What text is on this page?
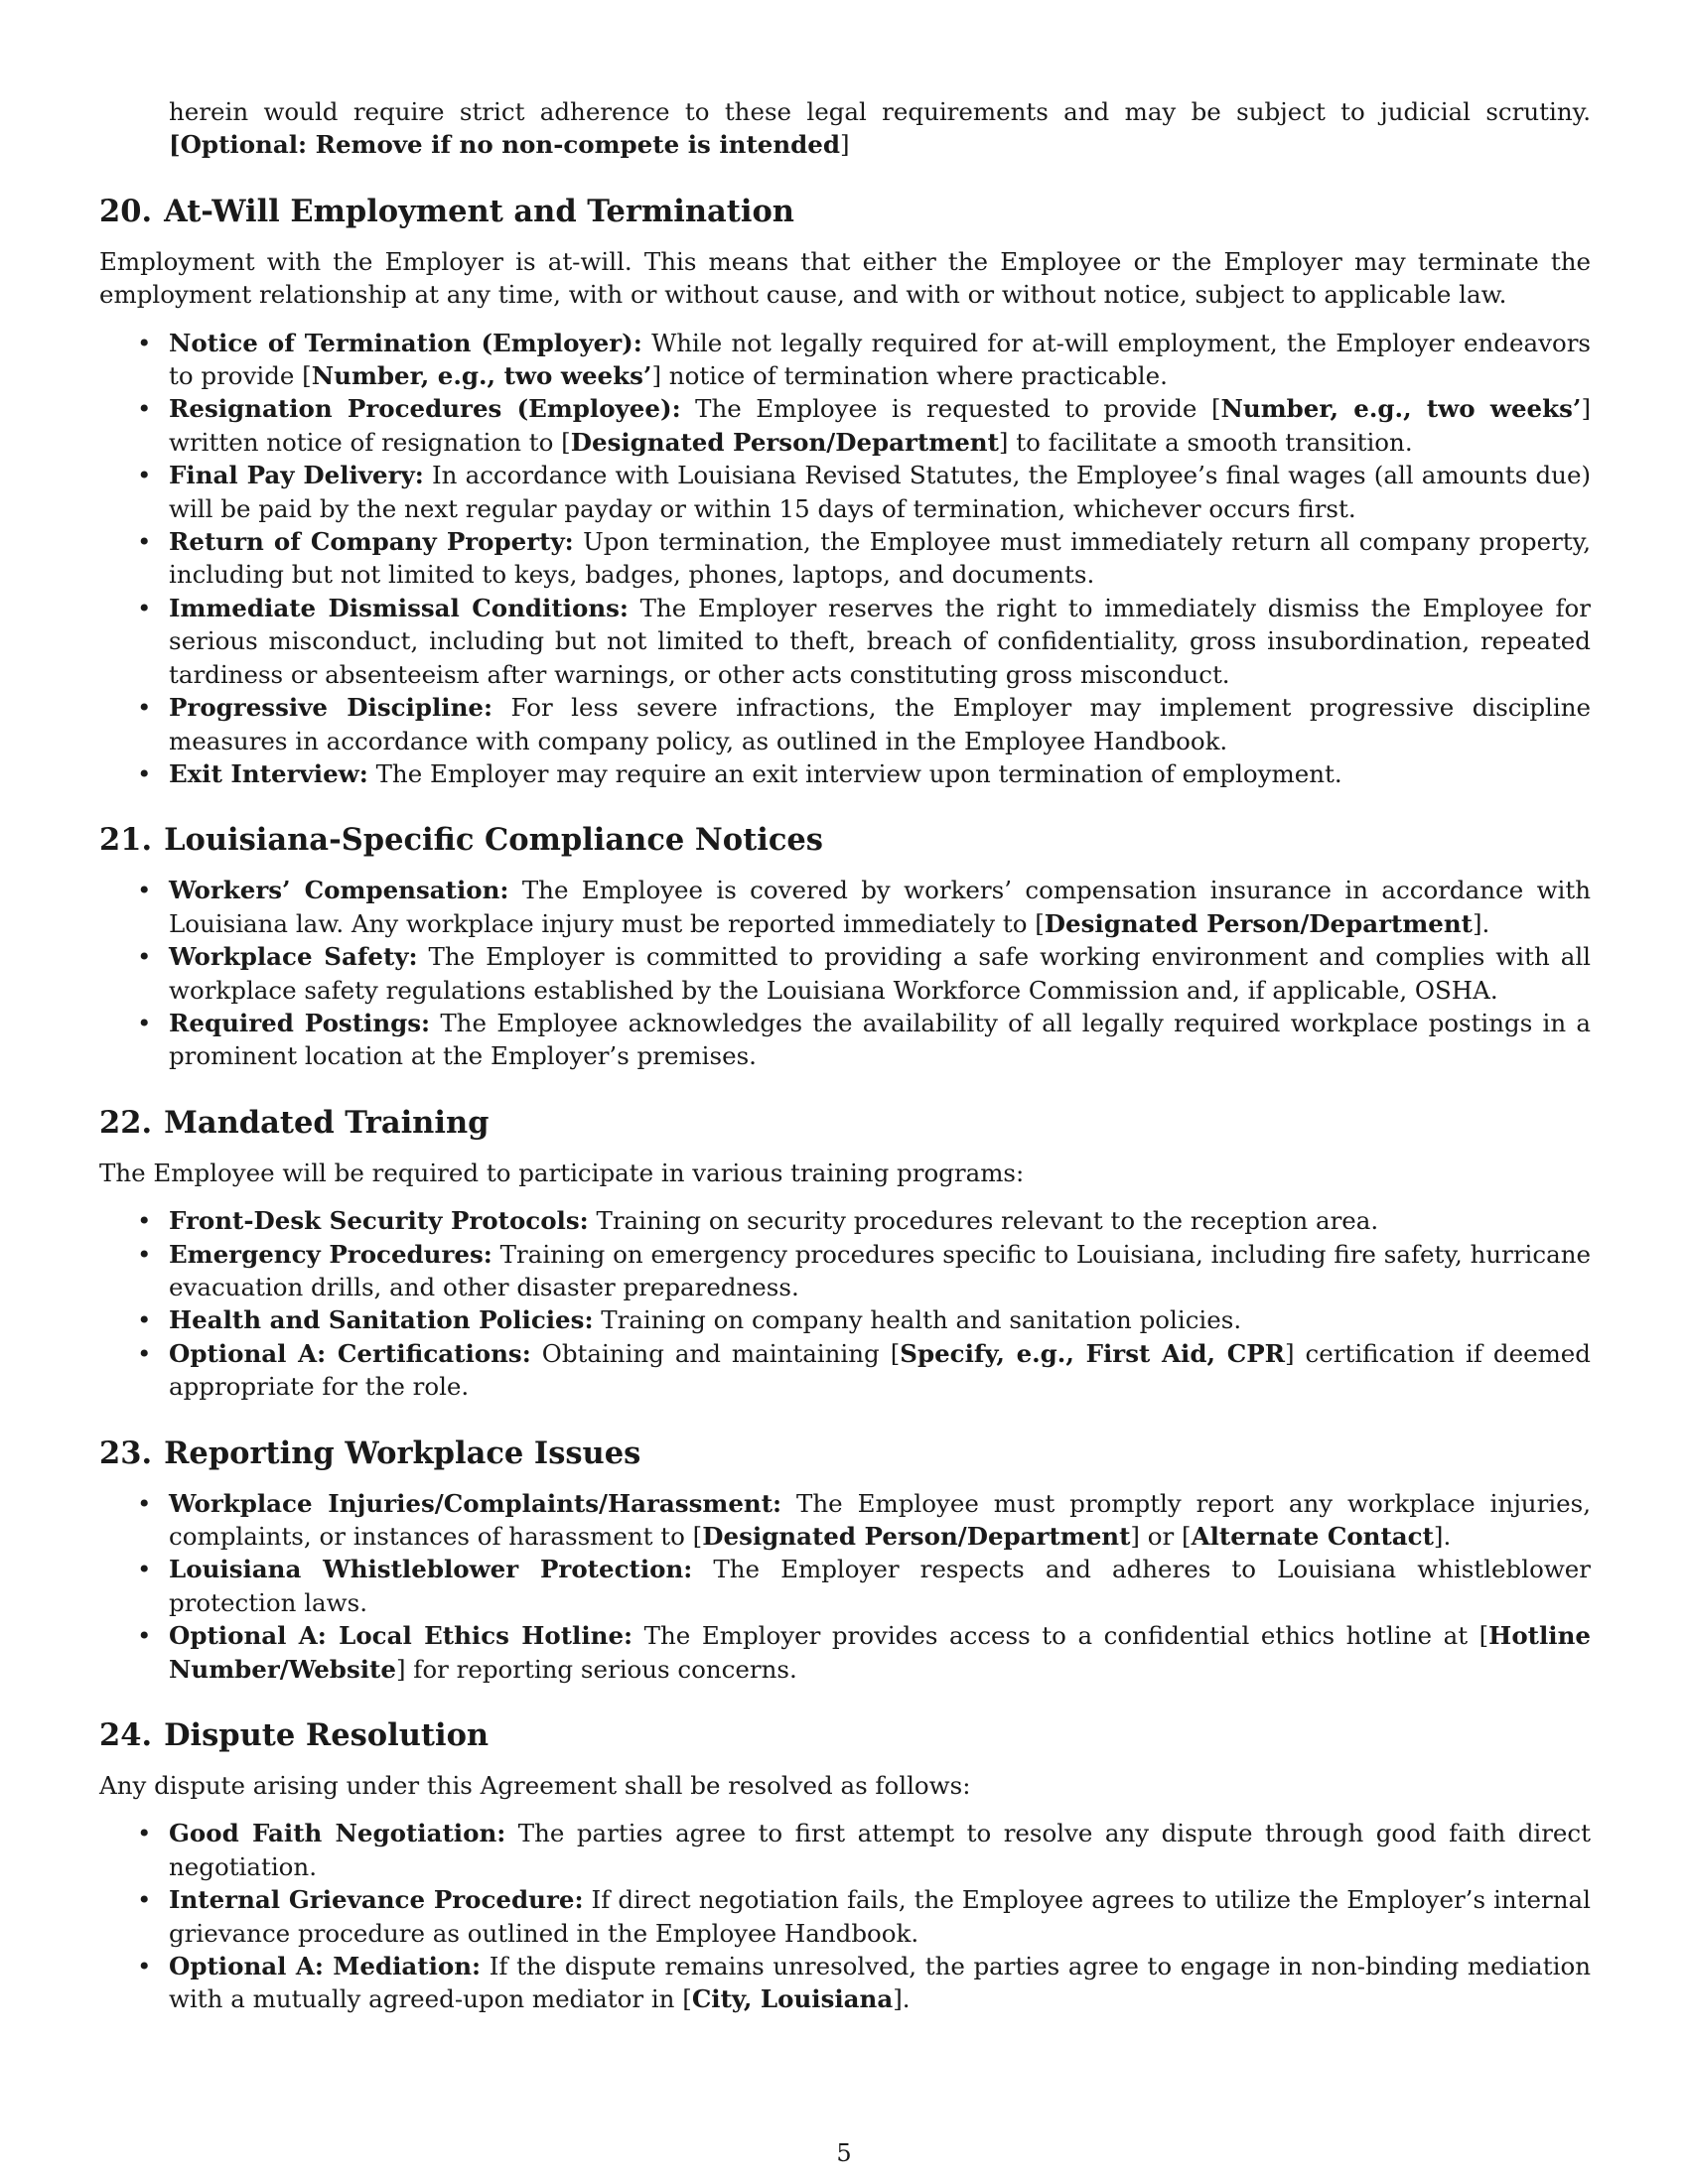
herein would require strict adherence to these legal requirements and may be subject to judicial scrutiny. [Optional: Remove if no non-compete is intended]

20. At-Will Employment and Termination

Employment with the Employer is at-will. This means that either the Employee or the Employer may terminate the employment relationship at any time, with or without cause, and with or without notice, subject to applicable law.

• Notice of Termination (Employer): While not legally required for at-will employment, the Employer endeavors to provide [Number, e.g., two weeks’] notice of termination where practicable.
• Resignation Procedures (Employee): The Employee is requested to provide [Number, e.g., two weeks’] written notice of resignation to [Designated Person/Department] to facilitate a smooth transition.
• Final Pay Delivery: In accordance with Louisiana Revised Statutes, the Employee’s final wages (all amounts due) will be paid by the next regular payday or within 15 days of termination, whichever occurs first.
• Return of Company Property: Upon termination, the Employee must immediately return all company property, including but not limited to keys, badges, phones, laptops, and documents.
• Immediate Dismissal Conditions: The Employer reserves the right to immediately dismiss the Employee for serious misconduct, including but not limited to theft, breach of confidentiality, gross insubordination, repeated tardiness or absenteeism after warnings, or other acts constituting gross misconduct.
• Progressive Discipline: For less severe infractions, the Employer may implement progressive discipline measures in accordance with company policy, as outlined in the Employee Handbook.
• Exit Interview: The Employer may require an exit interview upon termination of employment.
21. Louisiana-Specific Compliance Notices
• Workers’ Compensation: The Employee is covered by workers’ compensation insurance in accordance with Louisiana law. Any workplace injury must be reported immediately to [Designated Person/Department].
• Workplace Safety: The Employer is committed to providing a safe working environment and complies with all workplace safety regulations established by the Louisiana Workforce Commission and, if applicable, OSHA.
• Required Postings: The Employee acknowledges the availability of all legally required workplace postings in a prominent location at the Employer’s premises.
22. Mandated Training

The Employee will be required to participate in various training programs:

• Front-Desk Security Protocols: Training on security procedures relevant to the reception area.
• Emergency Procedures: Training on emergency procedures specific to Louisiana, including fire safety, hurricane evacuation drills, and other disaster preparedness.
• Health and Sanitation Policies: Training on company health and sanitation policies.
• Optional A: Certifications: Obtaining and maintaining [Specify, e.g., First Aid, CPR] certification if deemed appropriate for the role.
23. Reporting Workplace Issues
• Workplace Injuries/Complaints/Harassment: The Employee must promptly report any workplace injuries, complaints, or instances of harassment to [Designated Person/Department] or [Alternate Contact].
• Louisiana Whistleblower Protection: The Employer respects and adheres to Louisiana whistleblower protection laws.
• Optional A: Local Ethics Hotline: The Employer provides access to a confidential ethics hotline at [Hotline Number/Website] for reporting serious concerns.
24. Dispute Resolution

Any dispute arising under this Agreement shall be resolved as follows:

• Good Faith Negotiation: The parties agree to first attempt to resolve any dispute through good faith direct negotiation.
• Internal Grievance Procedure: If direct negotiation fails, the Employee agrees to utilize the Employer’s internal grievance procedure as outlined in the Employee Handbook.
• Optional A: Mediation: If the dispute remains unresolved, the parties agree to engage in non-binding mediation with a mutually agreed-upon mediator in [City, Louisiana].
5
